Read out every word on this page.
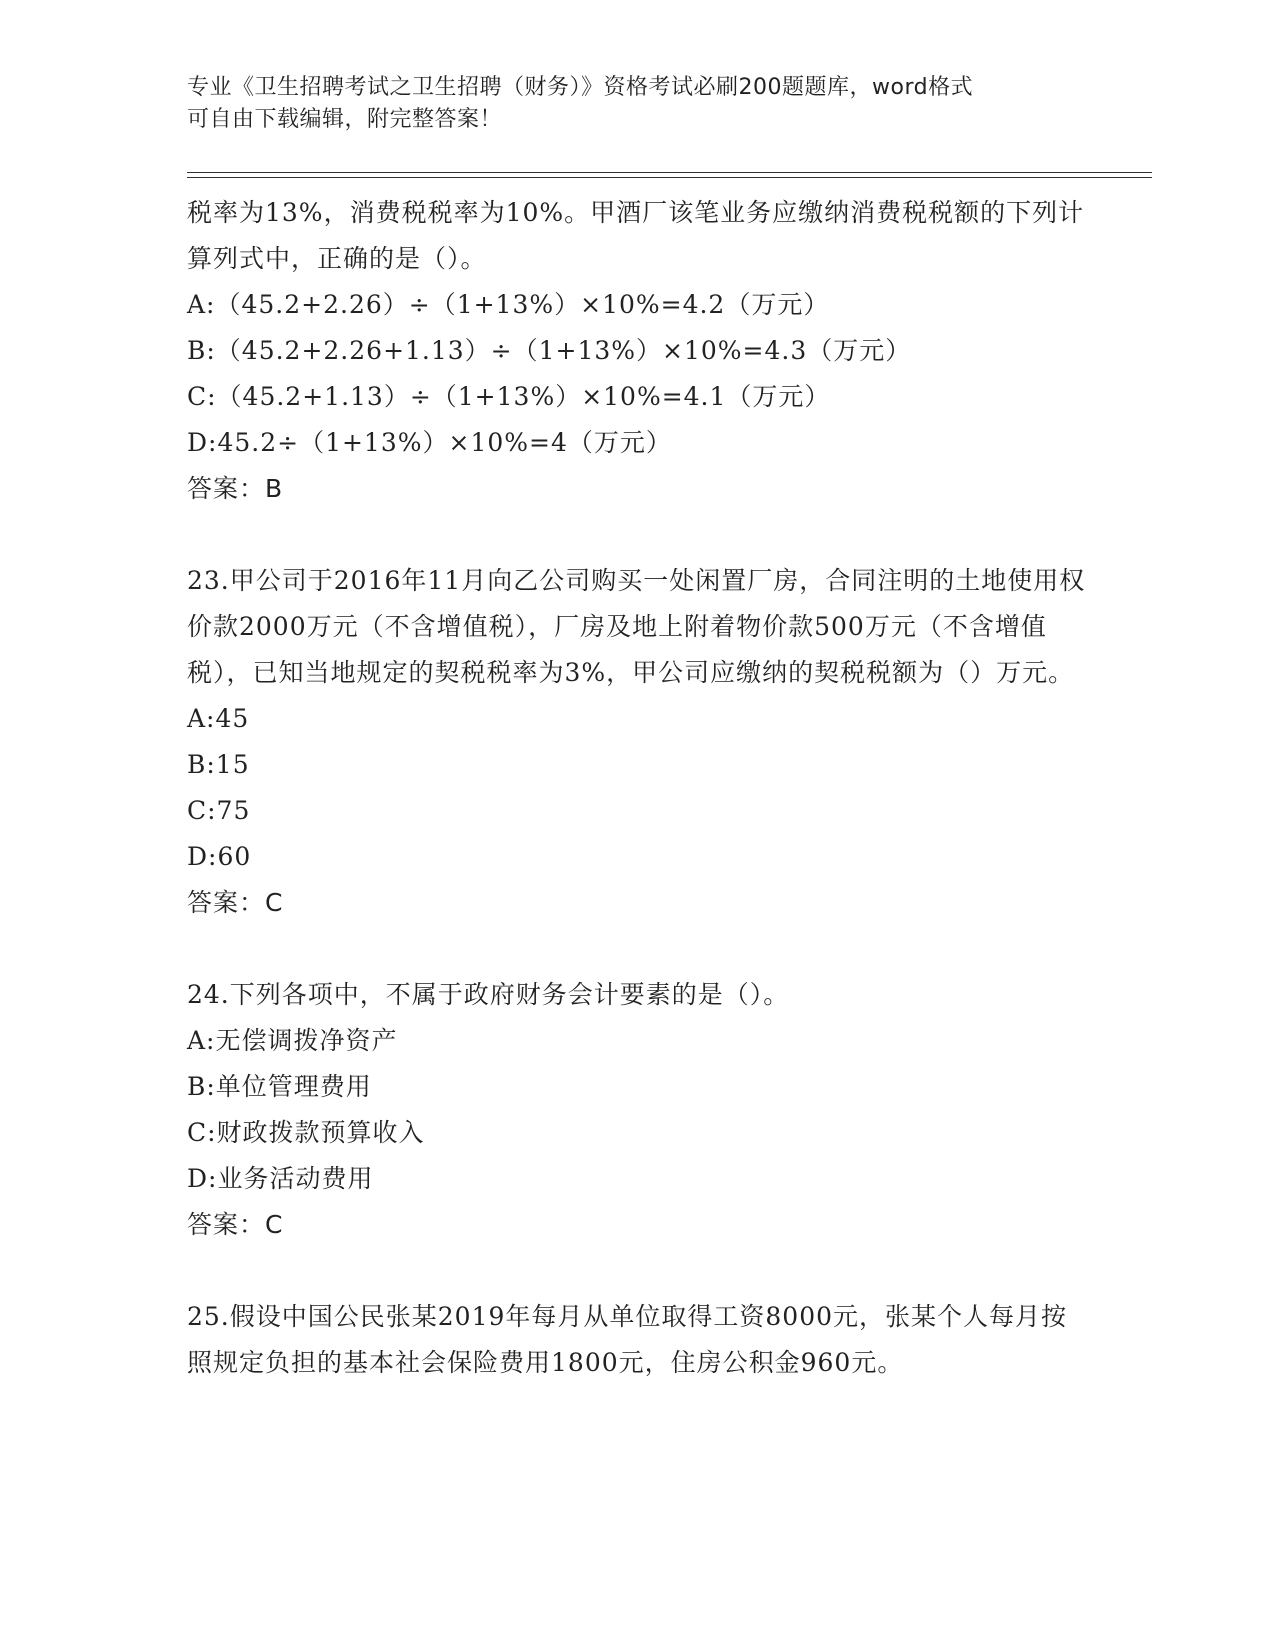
专业《卫生招聘考试之卫生招聘（财务）》资格考试必刷200题题库，word格式
可自由下载编辑，附完整答案！

税率为13%，消费税税率为10%。甲酒厂该笔业务应缴纳消费税税额的下列计算列式中，正确的是（）。

A:（45.2+2.26）÷（1+13%）×10%=4.2（万元）
B:（45.2+2.26+1.13）÷（1+13%）×10%=4.3（万元）
C:（45.2+1.13）÷（1+13%）×10%=4.1（万元）
D:45.2÷（1+13%）×10%=4（万元）
答案：B

23.甲公司于2016年11月向乙公司购买一处闲置厂房，合同注明的土地使用权价款2000万元（不含增值税），厂房及地上附着物价款500万元（不含增值税），已知当地规定的契税税率为3%，甲公司应缴纳的契税税额为（）万元。

A:45
B:15
C:75
D:60
答案：C

24.下列各项中，不属于政府财务会计要素的是（）。

A:无偿调拨净资产
B:单位管理费用
C:财政拨款预算收入
D:业务活动费用
答案：C

25.假设中国公民张某2019年每月从单位取得工资8000元，张某个人每月按照规定负担的基本社会保险费用1800元，住房公积金960元。
